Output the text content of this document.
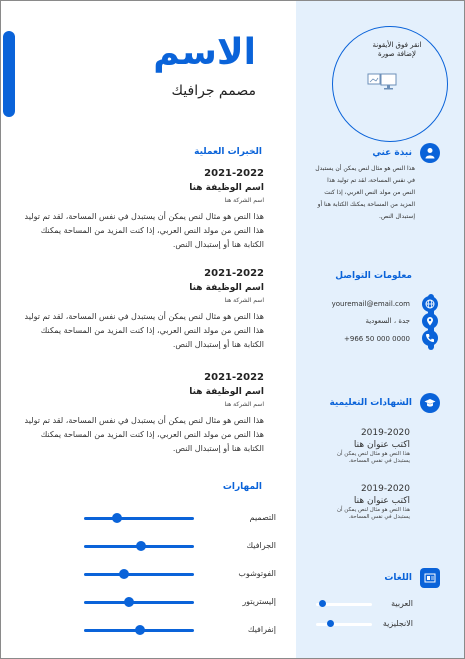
الاسم
مصمم جرافيك
الخبرات العملية
2021-2022
اسم الوظيفة هنا
اسم الشركة هنا
هذا النص هو مثال لنص يمكن أن يستبدل في نفس المساحة، لقد تم توليد هذا النص من مولد النص العربي، إذا كنت المزيد من المساحة يمكنك الكتابة هنا أو إستبدال النص.
2021-2022
اسم الوظيفة هنا
اسم الشركة هنا
هذا النص هو مثال لنص يمكن أن يستبدل في نفس المساحة، لقد تم توليد هذا النص من مولد النص العربي، إذا كنت المزيد من المساحة يمكنك الكتابة هنا أو إستبدال النص.
2021-2022
اسم الوظيفة هنا
اسم الشركة هنا
هذا النص هو مثال لنص يمكن أن يستبدل في نفس المساحة، لقد تم توليد هذا النص من مولد النص العربي، إذا كنت المزيد من المساحة يمكنك الكتابة هنا أو إستبدال النص.
المهارات
التصميم
الجرافيك
الفوتوشوب
إليستريتور
إنفرافيك
انقر فوق الأيقونة لإضافة صورة
نبذة عني
هذا النص هو مثال لنص يمكن أن يستبدل في نفس المساحة، لقد تم توليد هذا النص من مولد النص العربي، إذا كنت المزيد من المساحة يمكنك الكتابة هنا أو إستبدال النص.
معلومات التواصل
youremail@email.com
جدة ، السعودية
+966 50 000 0000
الشهادات التعليمية
2019-2020
اكتب عنوان هنا
هذا النص هو مثال لنص يمكن أن يستبدل في نفس المساحة.
2019-2020
اكتب عنوان هنا
هذا النص هو مثال لنص يمكن أن يستبدل في نفس المساحة.
اللغات
العربية
الانجليزية
